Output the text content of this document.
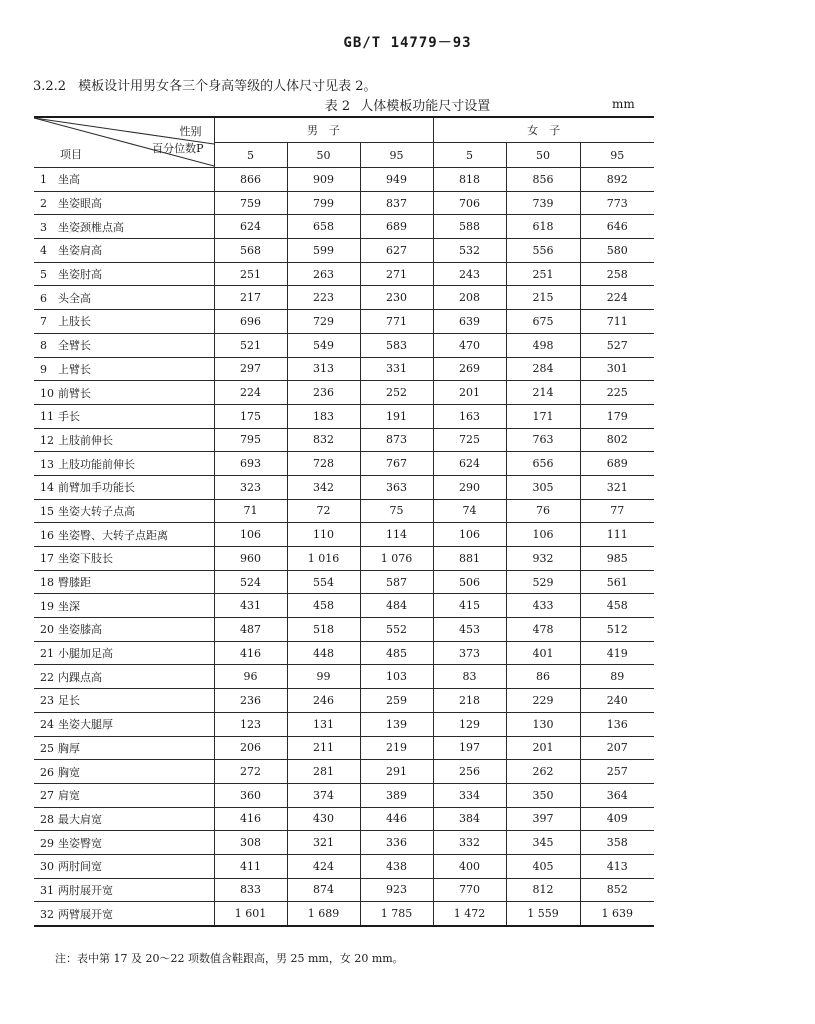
GB/T 14779－93
3.2.2 模板设计用男女各三个身高等级的人体尺寸见表 2。
表 2 人体模板功能尺寸设置	mm
性别
百分位数P
项目	男　子			女　子		
	5	50	95	5	50	95
1 坐高	866	909	949	818	856	892
2 坐姿眼高	759	799	837	706	739	773
3 坐姿颈椎点高	624	658	689	588	618	646
4 坐姿肩高	568	599	627	532	556	580
5 坐姿肘高	251	263	271	243	251	258
6 头全高	217	223	230	208	215	224
7 上肢长	696	729	771	639	675	711
8 全臂长	521	549	583	470	498	527
9 上臂长	297	313	331	269	284	301
10 前臂长	224	236	252	201	214	225
11 手长	175	183	191	163	171	179
12 上肢前伸长	795	832	873	725	763	802
13 上肢功能前伸长	693	728	767	624	656	689
14 前臂加手功能长	323	342	363	290	305	321
15 坐姿大转子点高	71	72	75	74	76	77
16 坐姿臀、大转子点距离	106	110	114	106	106	111
17 坐姿下肢长	960	1 016	1 076	881	932	985
18 臀膝距	524	554	587	506	529	561
19 坐深	431	458	484	415	433	458
20 坐姿膝高	487	518	552	453	478	512
21 小腿加足高	416	448	485	373	401	419
22 内踝点高	96	99	103	83	86	89
23 足长	236	246	259	218	229	240
24 坐姿大腿厚	123	131	139	129	130	136
25 胸厚	206	211	219	197	201	207
26 胸宽	272	281	291	256	262	257
27 肩宽	360	374	389	334	350	364
28 最大肩宽	416	430	446	384	397	409
29 坐姿臀宽	308	321	336	332	345	358
30 两肘间宽	411	424	438	400	405	413
31 两肘展开宽	833	874	923	770	812	852
32 两臂展开宽	1 601	1 689	1 785	1 472	1 559	1 639
注：表中第 17 及 20～22 项数值含鞋跟高，男 25 mm，女 20 mm。
